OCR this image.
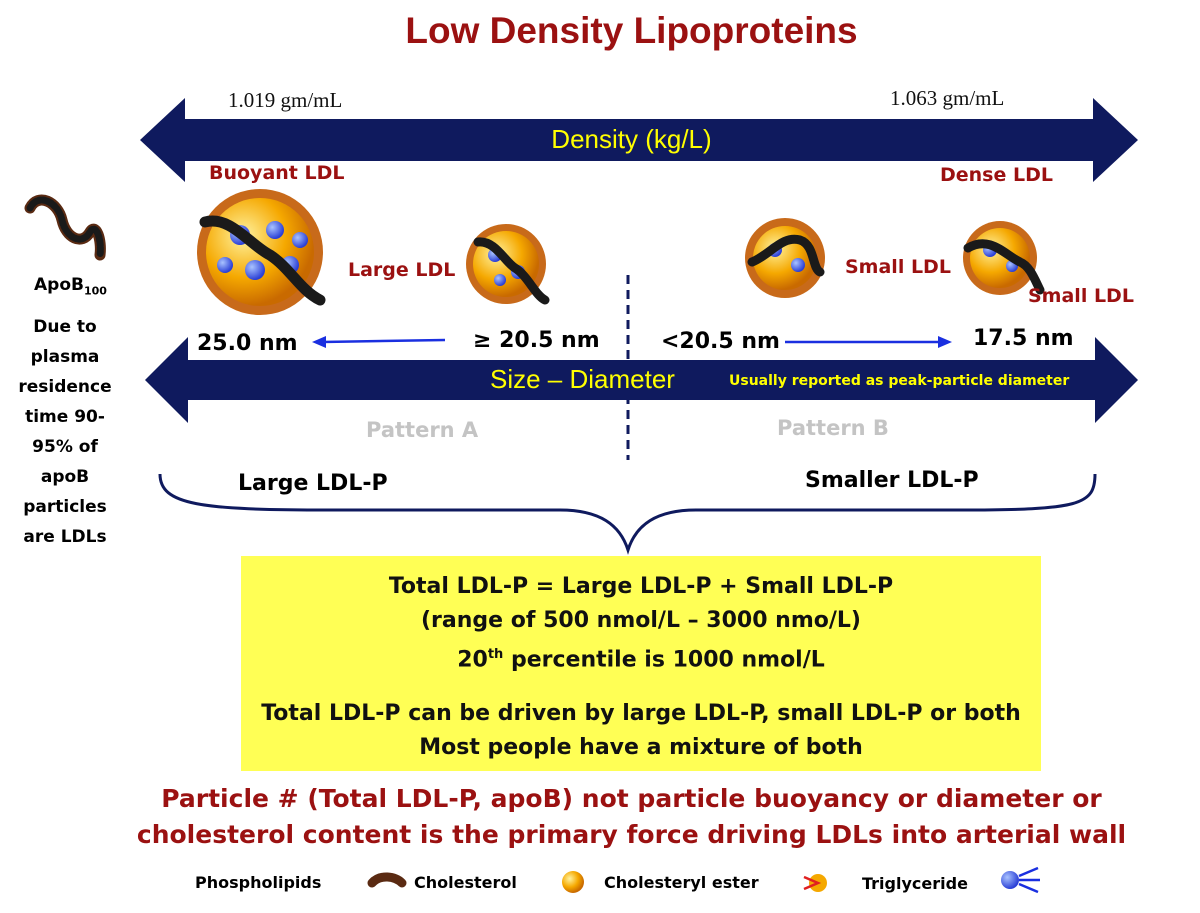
Low Density Lipoproteins
1.019 gm/mL	1.063 gm/mL
Density (kg/L)
Buoyant LDL	Dense LDL
Large LDL	Small LDL
Small LDL
25.0 nm	≥ 20.5 nm	<20.5 nm	17.5 nm
Size – Diameter	Usually reported as peak-particle diameter
Pattern A	Pattern B
ApoB$_{100}$
Due to
plasma
residence
time 90-
95% of
apoB
particles
are LDLs
Large LDL-P	Smaller LDL-P
Total LDL-P = Large LDL-P + Small LDL-P
(range of 500 nmol/L – 3000 nmo/L)
20th percentile is 1000 nmol/L
Total LDL-P can be driven by large LDL-P, small LDL-P or both
Most people have a mixture of both
Particle # (Total LDL-P, apoB) not particle buoyancy or diameter or
cholesterol content is the primary force driving LDLs into arterial wall
Phospholipids	Cholesterol	Cholesteryl ester	Triglyceride
